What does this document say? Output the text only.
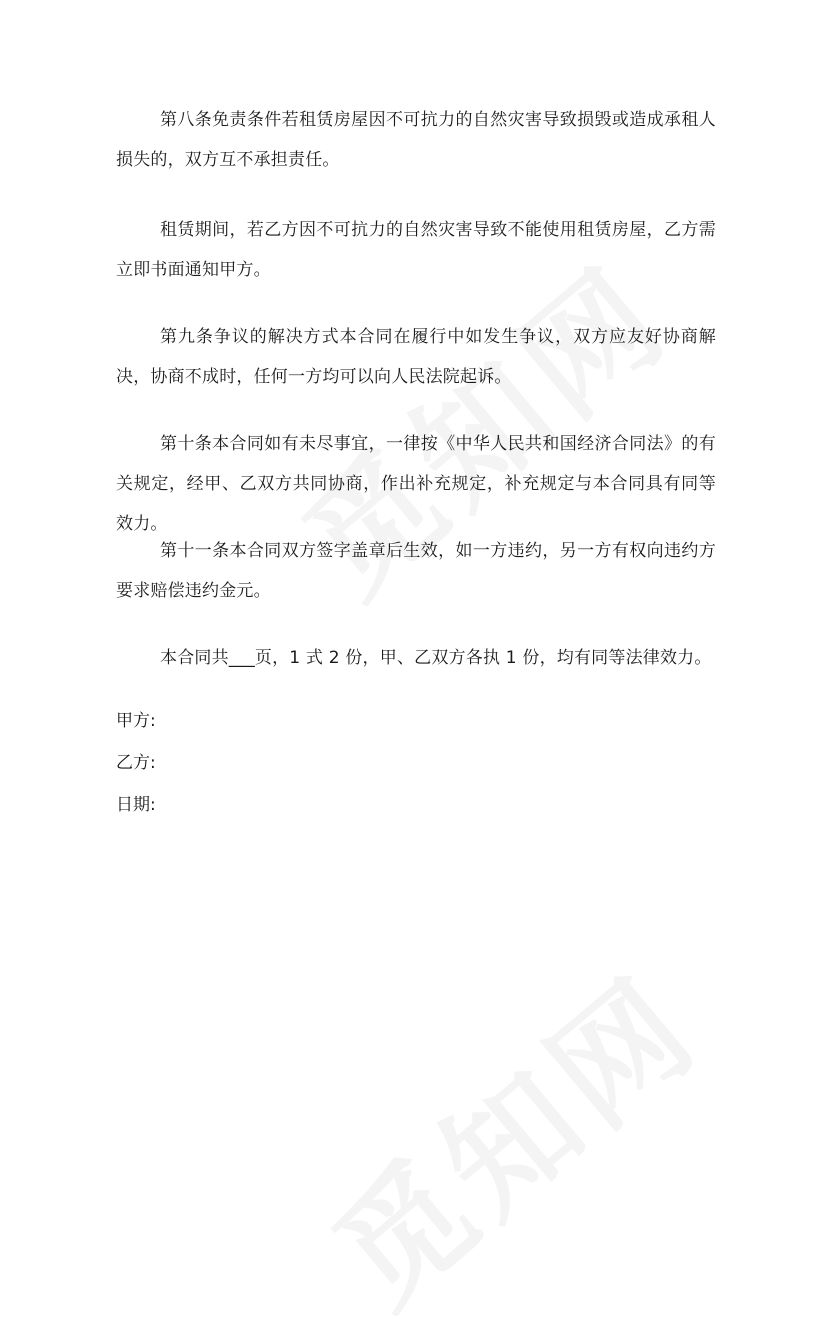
第八条免责条件若租赁房屋因不可抗力的自然灾害导致损毁或造成承租人损失的，双方互不承担责任。

租赁期间，若乙方因不可抗力的自然灾害导致不能使用租赁房屋，乙方需立即书面通知甲方。

第九条争议的解决方式本合同在履行中如发生争议，双方应友好协商解决，协商不成时，任何一方均可以向人民法院起诉。

第十条本合同如有未尽事宜，一律按《中华人民共和国经济合同法》的有关规定，经甲、乙双方共同协商，作出补充规定，补充规定与本合同具有同等效力。

第十一条本合同双方签字盖章后生效，如一方违约，另一方有权向违约方要求赔偿违约金元。

本合同共___页，1 式 2 份，甲、乙双方各执 1 份，均有同等法律效力。

甲方:

乙方:

日期:
